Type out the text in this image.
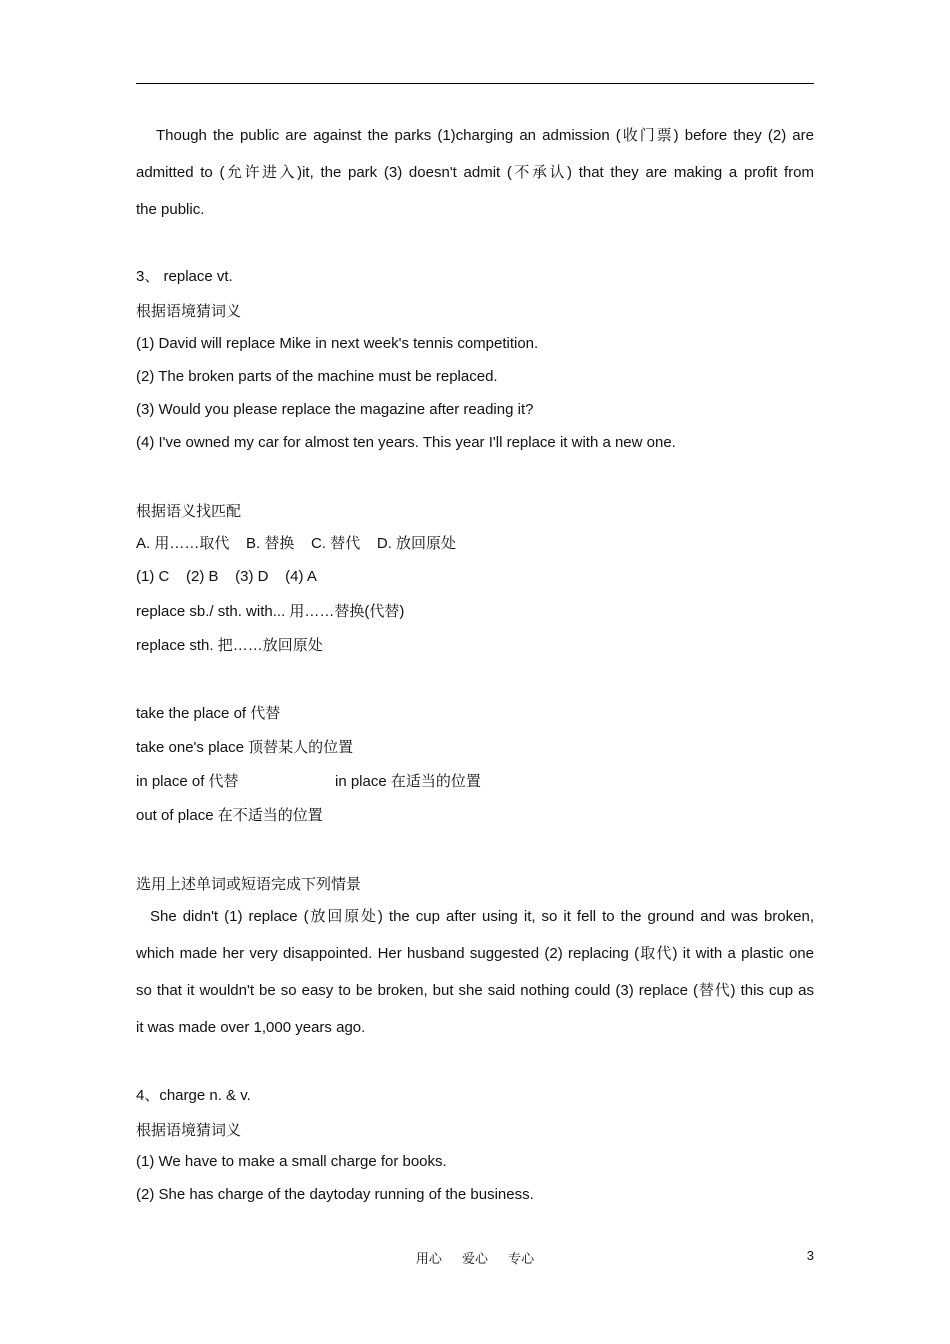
Though the public are against the parks (1)charging an admission (收门票) before they (2) are
admitted to (允许进入)it, the park (3) doesn't admit (不承认) that they are making a profit from
the public.
3、 replace vt.
根据语境猜词义
(1) David will replace Mike in next week's tennis competition.
(2) The broken parts of the machine must be replaced.
(3) Would you please replace the magazine after reading it?
(4) I've owned my car for almost ten years. This year I'll replace it with a new one.
根据语义找匹配
A. 用……取代    B. 替换    C. 替代    D. 放回原处
(1) C    (2) B    (3) D    (4) A
replace sb./ sth. with... 用……替换(代替)
replace sth. 把……放回原处
take the place of 代替
take one's place 顶替某人的位置
in place of 代替	in place 在适当的位置
out of place 在不适当的位置
选用上述单词或短语完成下列情景
She didn't (1) replace (放回原处) the cup after using it, so it fell to the ground and was broken,
which made her very disappointed. Her husband suggested (2) replacing (取代) it with a plastic one
so that it wouldn't be so easy to be broken, but she said nothing could (3) replace (替代) this cup as
it was made over 1,000 years ago.
4、charge n. & v.
根据语境猜词义
(1) We have to make a small charge for books.
(2) She has charge of the daytoday running of the business.
用心 爱心 专心	3
